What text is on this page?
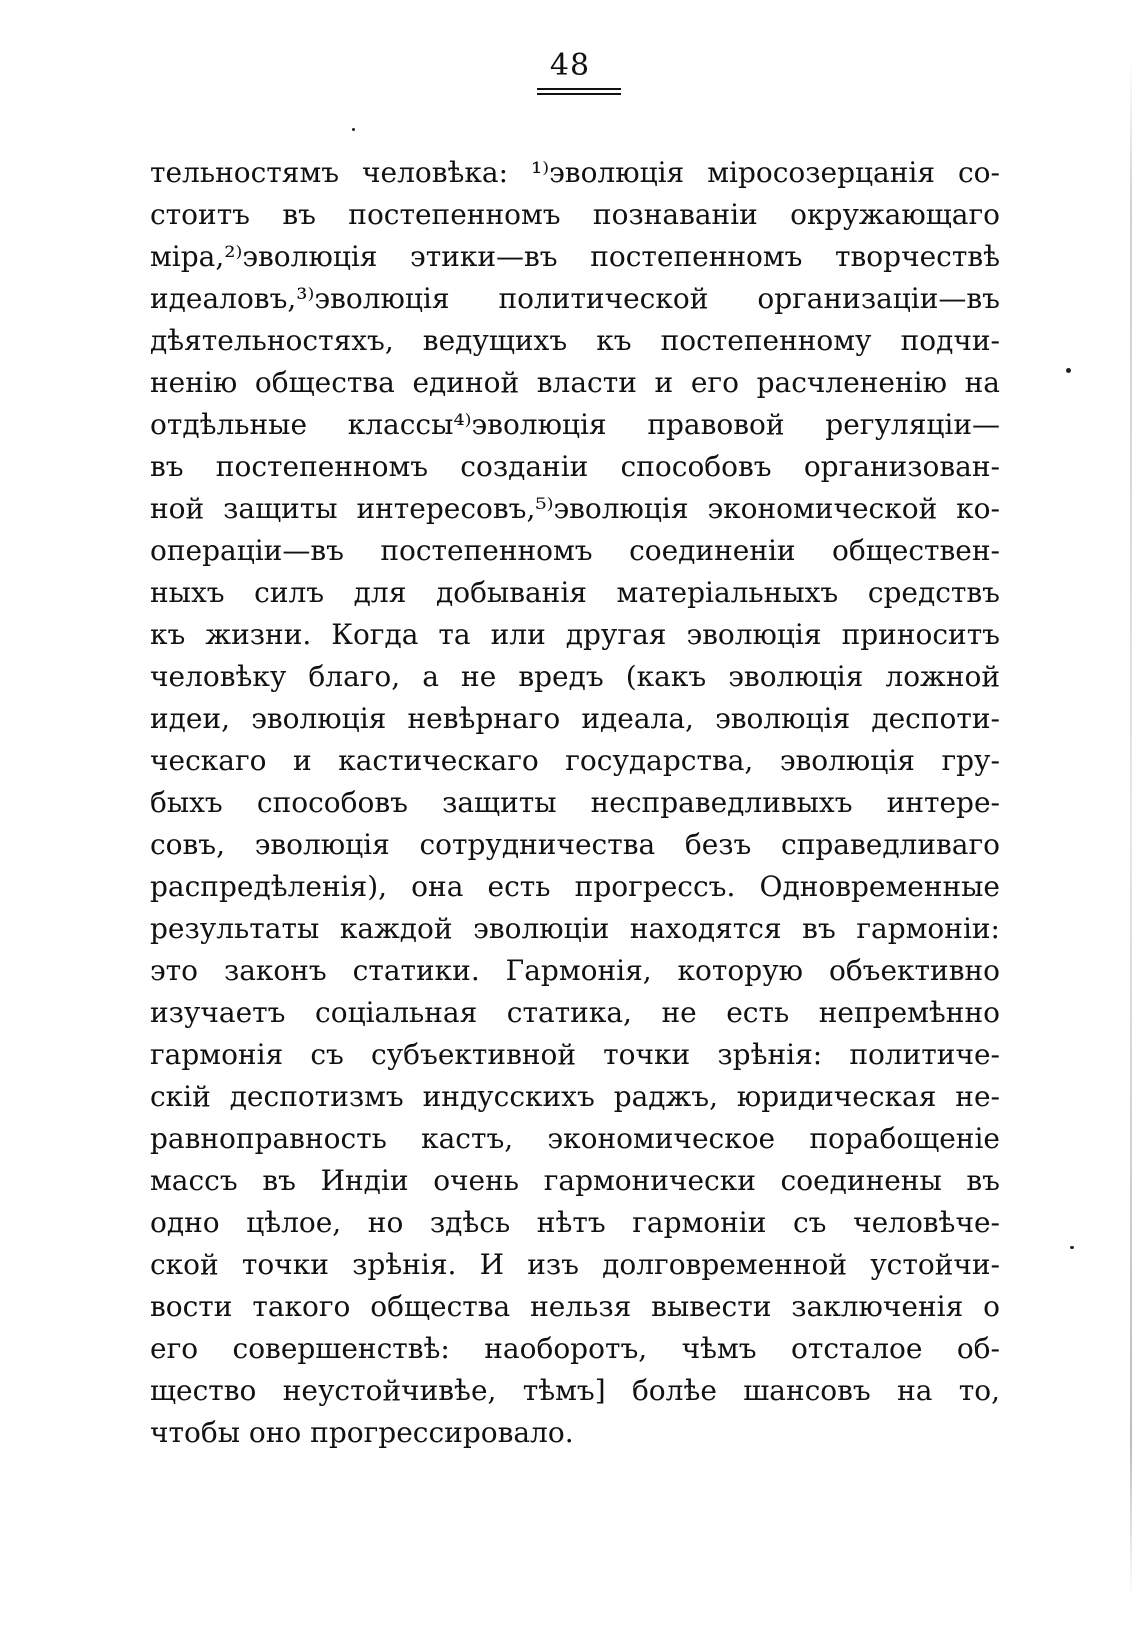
48
тельностямъ человѣка: ¹⁾эволюція міросозерцанія со-
стоитъ въ постепенномъ познаваніи окружающаго
міра,²⁾эволюція этики—въ постепенномъ творчествѣ
идеаловъ,³⁾эволюція политической организаціи—въ
дѣятельностяхъ, ведущихъ къ постепенному подчи-
ненію общества единой власти и его расчлененію на
отдѣльные классы⁴⁾эволюція правовой регуляціи—
въ постепенномъ созданіи способовъ организован-
ной защиты интересовъ,⁵⁾эволюція экономической ко-
операціи—въ постепенномъ соединеніи обществен-
ныхъ силъ для добыванія матеріальныхъ средствъ
къ жизни. Когда та или другая эволюція приноситъ
человѣку благо, а не вредъ (какъ эволюція ложной
идеи, эволюція невѣрнаго идеала, эволюція деспоти-
ческаго и кастическаго государства, эволюція гру-
быхъ способовъ защиты несправедливыхъ интере-
совъ, эволюція сотрудничества безъ справедливаго
распредѣленія), она есть прогрессъ. Одновременные
результаты каждой эволюціи находятся въ гармоніи:
это законъ статики. Гармонія, которую объективно
изучаетъ соціальная статика, не есть непремѣнно
гармонія съ субъективной точки зрѣнія: политиче-
скій деспотизмъ индусскихъ раджъ, юридическая не-
равноправность кастъ, экономическое порабощеніе
массъ въ Индіи очень гармонически соединены въ
одно цѣлое, но здѣсь нѣтъ гармоніи съ человѣче-
ской точки зрѣнія. И изъ долговременной устойчи-
вости такого общества нельзя вывести заключенія о
его совершенствѣ: наоборотъ, чѣмъ отсталое об-
щество неустойчивѣе, тѣмъ] болѣе шансовъ на то,
чтобы оно прогрессировало.
